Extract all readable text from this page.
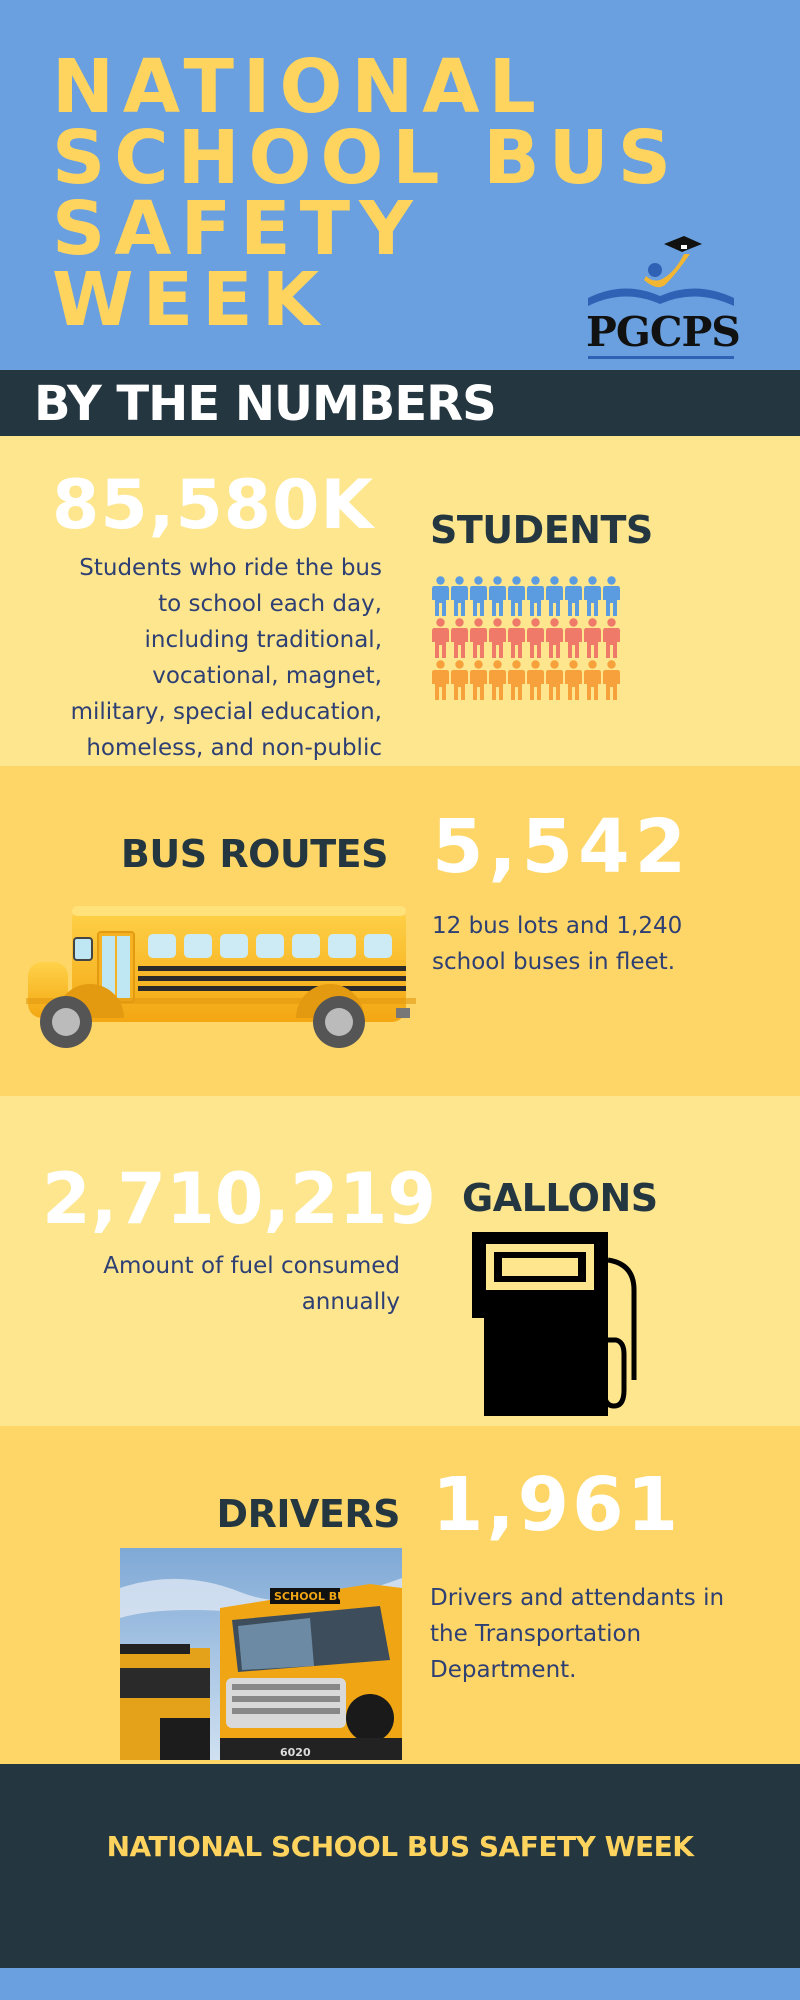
NATIONAL
SCHOOL BUS
SAFETY
WEEK	PGCPS
BY THE NUMBERS
85,580K STUDENTS
Students who ride the bus to school each day, including traditional, vocational, magnet, military, special education, homeless, and non-public
BUS ROUTES 5,542
12 bus lots and 1,240 school buses in fleet.
2,710,219 GALLONS
Amount of fuel consumed annually
DRIVERS 1,961
Drivers and attendants in the Transportation Department.
SCHOOL BUS
6020
NATIONAL SCHOOL BUS SAFETY WEEK
